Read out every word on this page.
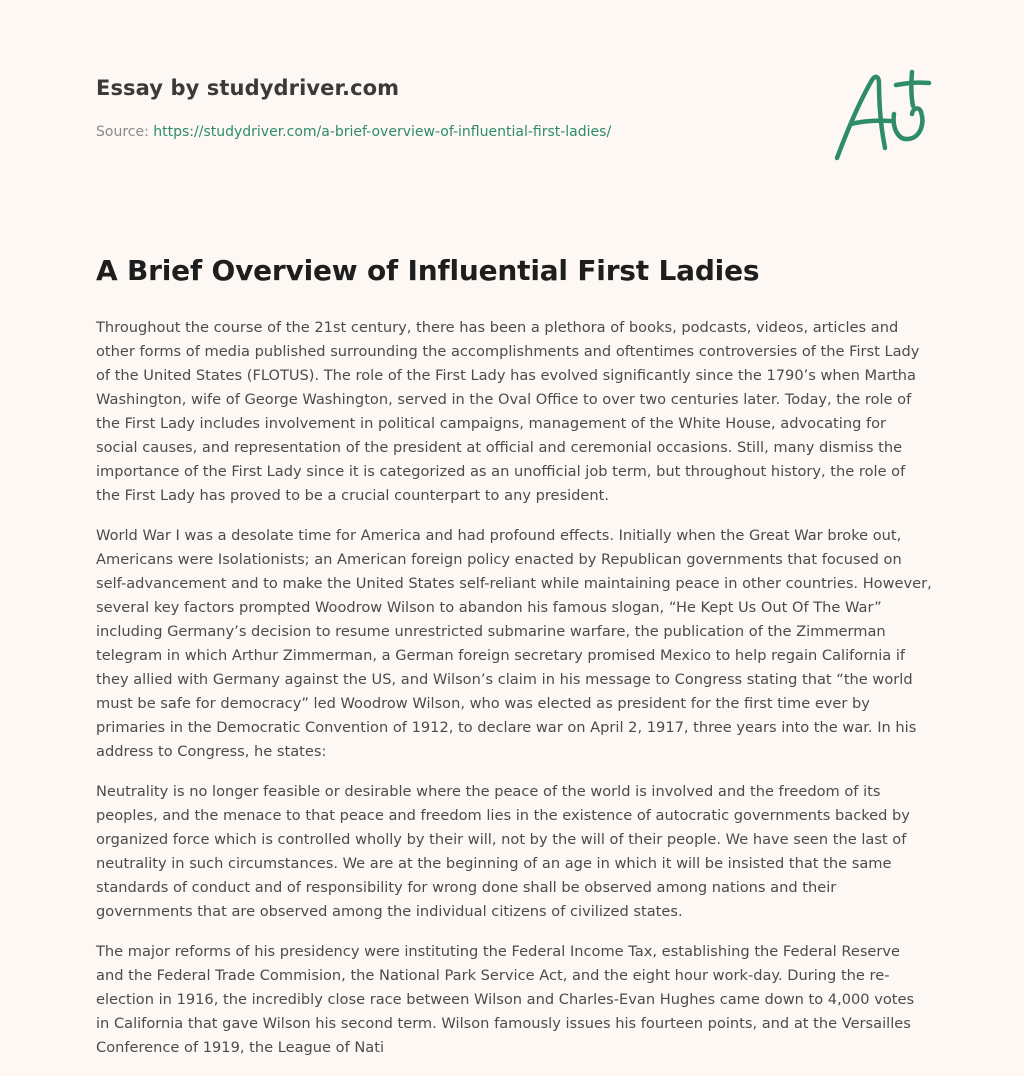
Essay by studydriver.com
Source: https://studydriver.com/a-brief-overview-of-influential-first-ladies/
A Brief Overview of Influential First Ladies

Throughout the course of the 21st century, there has been a plethora of books, podcasts, videos, articles and other forms of media published surrounding the accomplishments and oftentimes controversies of the First Lady of the United States (FLOTUS). The role of the First Lady has evolved significantly since the 1790’s when Martha Washington, wife of George Washington, served in the Oval Office to over two centuries later. Today, the role of the First Lady includes involvement in political campaigns, management of the White House, advocating for social causes, and representation of the president at official and ceremonial occasions. Still, many dismiss the importance of the First Lady since it is categorized as an unofficial job term, but throughout history, the role of the First Lady has proved to be a crucial counterpart to any president.

World War I was a desolate time for America and had profound effects. Initially when the Great War broke out, Americans were Isolationists; an American foreign policy enacted by Republican governments that focused on self-advancement and to make the United States self-reliant while maintaining peace in other countries. However, several key factors prompted Woodrow Wilson to abandon his famous slogan, “He Kept Us Out Of The War” including Germany’s decision to resume unrestricted submarine warfare, the publication of the Zimmerman telegram in which Arthur Zimmerman, a German foreign secretary promised Mexico to help regain California if they allied with Germany against the US, and Wilson’s claim in his message to Congress stating that “the world must be safe for democracy” led Woodrow Wilson, who was elected as president for the first time ever by primaries in the Democratic Convention of 1912, to declare war on April 2, 1917, three years into the war. In his address to Congress, he states:

Neutrality is no longer feasible or desirable where the peace of the world is involved and the freedom of its peoples, and the menace to that peace and freedom lies in the existence of autocratic governments backed by organized force which is controlled wholly by their will, not by the will of their people. We have seen the last of neutrality in such circumstances. We are at the beginning of an age in which it will be insisted that the same standards of conduct and of responsibility for wrong done shall be observed among nations and their governments that are observed among the individual citizens of civilized states.

The major reforms of his presidency were instituting the Federal Income Tax, establishing the Federal Reserve and the Federal Trade Commision, the National Park Service Act, and the eight hour work-day. During the re-election in 1916, the incredibly close race between Wilson and Charles-Evan Hughes came down to 4,000 votes in California that gave Wilson his second term. Wilson famously issues his fourteen points, and at the Versailles Conference of 1919, the League of Nati
